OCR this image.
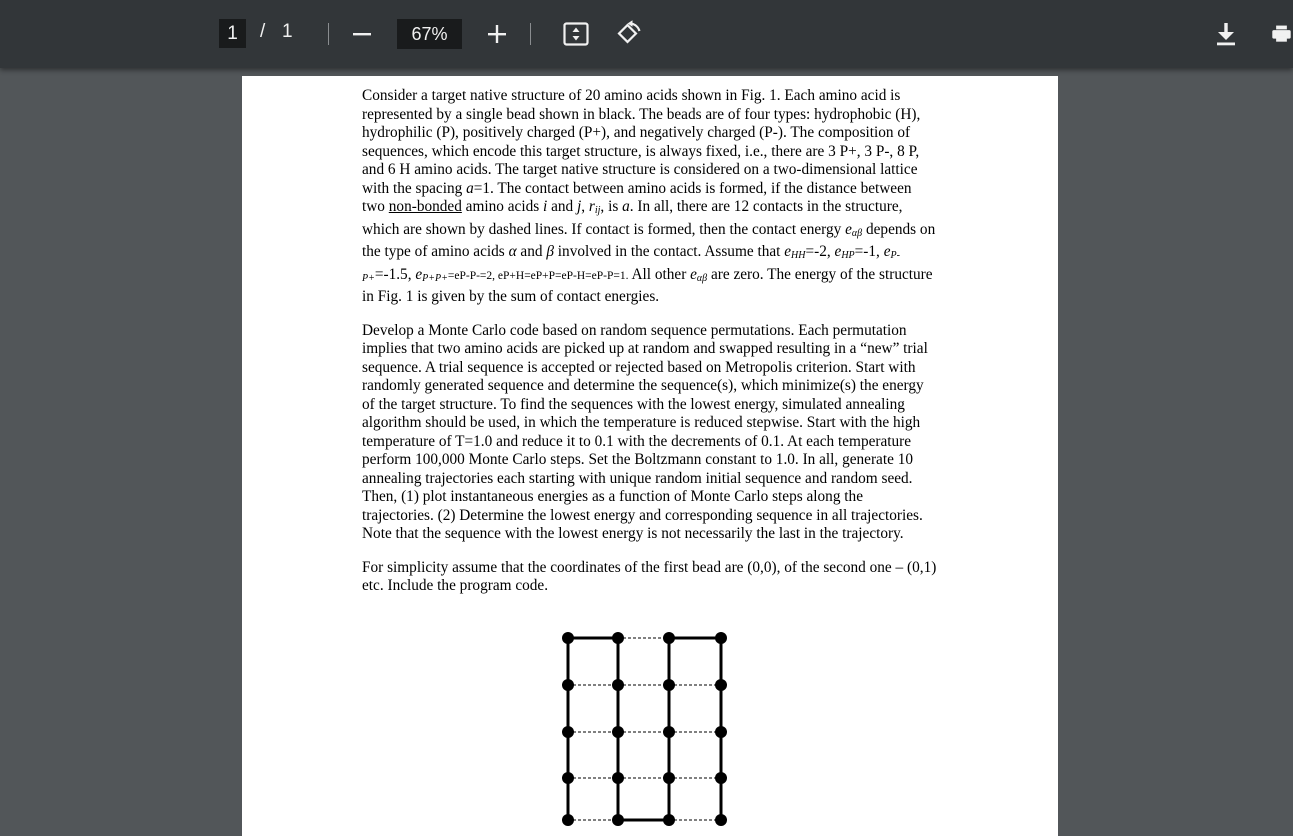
1 / 1	67%

Consider a target native structure of 20 amino acids shown in Fig. 1. Each amino acid is represented by a single bead shown in black. The beads are of four types: hydrophobic (H), hydrophilic (P), positively charged (P+), and negatively charged (P-). The composition of sequences, which encode this target structure, is always fixed, i.e., there are 3 P+, 3 P-, 8 P, and 6 H amino acids. The target native structure is considered on a two-dimensional lattice with the spacing a=1. The contact between amino acids is formed, if the distance between two non-bonded amino acids i and j, $r_{ij}$, is a. In all, there are 12 contacts in the structure, which are shown by dashed lines. If contact is formed, then the contact energy $e_{\alpha\beta}$ depends on the type of amino acids α and β involved in the contact. Assume that $e_{HH}=-2$, $e_{HP}=-1$, $e_{P-P+}=-1.5$, $e_{P+P+}=eP-P-=2$, eP+H=eP+P=eP-H=eP-P=1. All other $e_{\alpha\beta}$ are zero. The energy of the structure in Fig. 1 is given by the sum of contact energies.

Develop a Monte Carlo code based on random sequence permutations. Each permutation implies that two amino acids are picked up at random and swapped resulting in a “new” trial sequence. A trial sequence is accepted or rejected based on Metropolis criterion. Start with randomly generated sequence and determine the sequence(s), which minimize(s) the energy of the target structure. To find the sequences with the lowest energy, simulated annealing algorithm should be used, in which the temperature is reduced stepwise. Start with the high temperature of T=1.0 and reduce it to 0.1 with the decrements of 0.1. At each temperature perform 100,000 Monte Carlo steps. Set the Boltzmann constant to 1.0. In all, generate 10 annealing trajectories each starting with unique random initial sequence and random seed. Then, (1) plot instantaneous energies as a function of Monte Carlo steps along the trajectories. (2) Determine the lowest energy and corresponding sequence in all trajectories. Note that the sequence with the lowest energy is not necessarily the last in the trajectory.

For simplicity assume that the coordinates of the first bead are (0,0), of the second one – (0,1) etc. Include the program code.
